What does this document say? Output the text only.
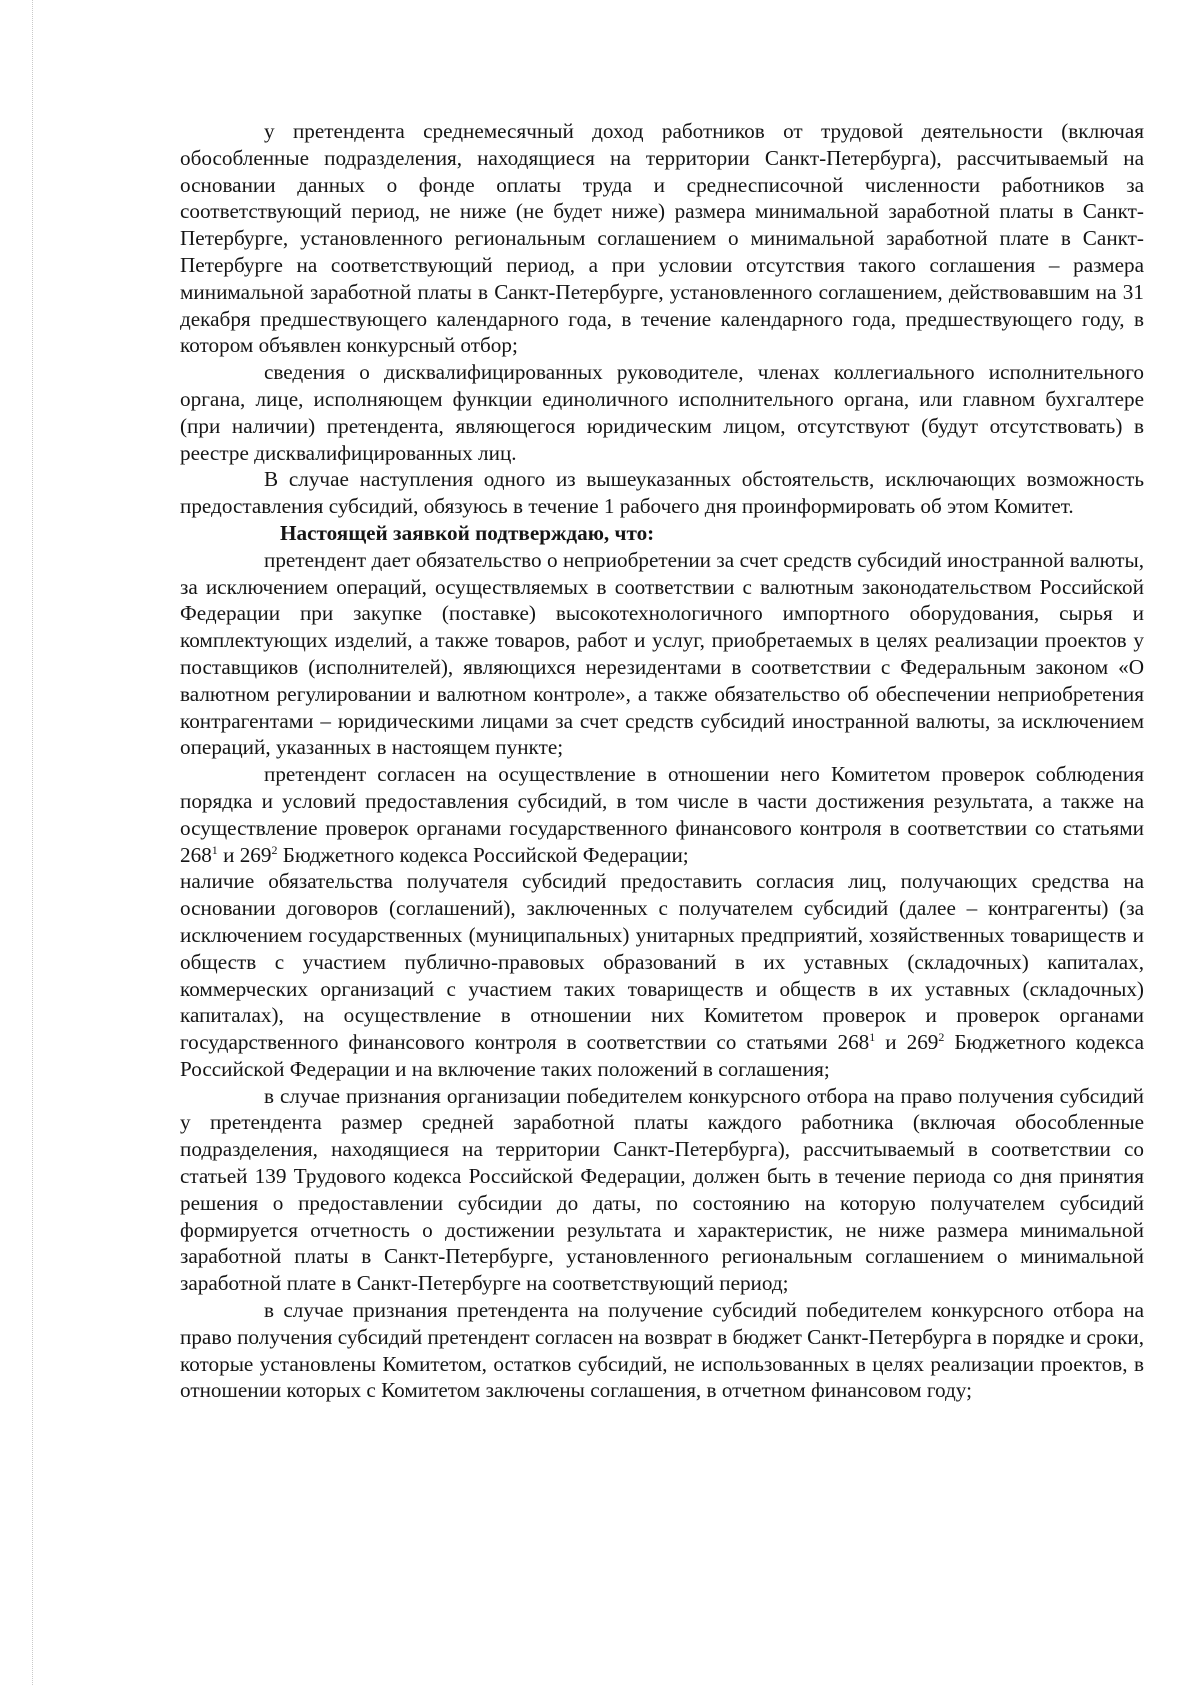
у претендента среднемесячный доход работников от трудовой деятельности (включая обособленные подразделения, находящиеся на территории Санкт-Петербурга), рассчитываемый на основании данных о фонде оплаты труда и среднесписочной численности работников за соответствующий период, не ниже (не будет ниже) размера минимальной заработной платы в Санкт-Петербурге, установленного региональным соглашением о минимальной заработной плате в Санкт-Петербурге на соответствующий период, а при условии отсутствия такого соглашения – размера минимальной заработной платы в Санкт-Петербурге, установленного соглашением, действовавшим на 31 декабря предшествующего календарного года, в течение календарного года, предшествующего году, в котором объявлен конкурсный отбор;

сведения о дисквалифицированных руководителе, членах коллегиального исполнительного органа, лице, исполняющем функции единоличного исполнительного органа, или главном бухгалтере (при наличии) претендента, являющегося юридическим лицом, отсутствуют (будут отсутствовать) в реестре дисквалифицированных лиц.

В случае наступления одного из вышеуказанных обстоятельств, исключающих возможность предоставления субсидий, обязуюсь в течение 1 рабочего дня проинформировать об этом Комитет.

Настоящей заявкой подтверждаю, что:

претендент дает обязательство о неприобретении за счет средств субсидий иностранной валюты, за исключением операций, осуществляемых в соответствии с валютным законодательством Российской Федерации при закупке (поставке) высокотехнологичного импортного оборудования, сырья и комплектующих изделий, а также товаров, работ и услуг, приобретаемых в целях реализации проектов у поставщиков (исполнителей), являющихся нерезидентами в соответствии с Федеральным законом «О валютном регулировании и валютном контроле», а также обязательство об обеспечении неприобретения контрагентами – юридическими лицами за счет средств субсидий иностранной валюты, за исключением операций, указанных в настоящем пункте;

претендент согласен на осуществление в отношении него Комитетом проверок соблюдения порядка и условий предоставления субсидий, в том числе в части достижения результата, а также на осуществление проверок органами государственного финансового контроля в соответствии со статьями $268^1$ и $269^2$ Бюджетного кодекса Российской Федерации;

наличие обязательства получателя субсидий предоставить согласия лиц, получающих средства на основании договоров (соглашений), заключенных с получателем субсидий (далее – контрагенты) (за исключением государственных (муниципальных) унитарных предприятий, хозяйственных товариществ и обществ с участием публично-правовых образований в их уставных (складочных) капиталах, коммерческих организаций с участием таких товариществ и обществ в их уставных (складочных) капиталах), на осуществление в отношении них Комитетом проверок и проверок органами государственного финансового контроля в соответствии со статьями $268^1$ и $269^2$ Бюджетного кодекса Российской Федерации и на включение таких положений в соглашения;

в случае признания организации победителем конкурсного отбора на право получения субсидий у претендента размер средней заработной платы каждого работника (включая обособленные подразделения, находящиеся на территории Санкт-Петербурга), рассчитываемый в соответствии со статьей 139 Трудового кодекса Российской Федерации, должен быть в течение периода со дня принятия решения о предоставлении субсидии до даты, по состоянию на которую получателем субсидий формируется отчетность о достижении результата и характеристик, не ниже размера минимальной заработной платы в Санкт-Петербурге, установленного региональным соглашением о минимальной заработной плате в Санкт-Петербурге на соответствующий период;

в случае признания претендента на получение субсидий победителем конкурсного отбора на право получения субсидий претендент согласен на возврат в бюджет Санкт-Петербурга в порядке и сроки, которые установлены Комитетом, остатков субсидий, не использованных в целях реализации проектов, в отношении которых с Комитетом заключены соглашения, в отчетном финансовом году;
